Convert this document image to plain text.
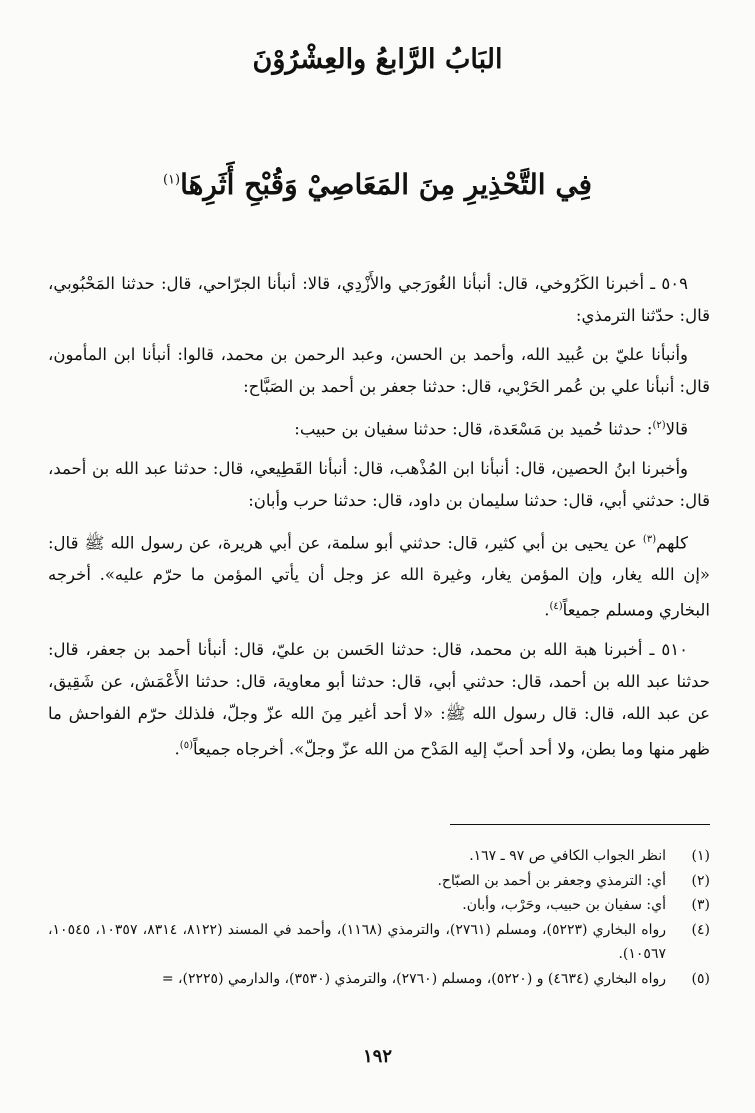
البَابُ الرَّابعُ والعِشْرُوْنَ
فِي التَّحْذِيرِ مِنَ المَعَاصِيْ وَقُبْحِ أَثَرِهَا$^{(١)}$

٥٠٩ ـ أخبرنا الكَرُوخي، قال: أنبأنا الغُورَجي والأَزْدِي، قالا: أنبأنا الجرّاحي، قال: حدثنا المَحْبُوبي، قال: حدّثنا الترمذي:

وأنبأنا عليّ بن عُبيد الله، وأحمد بن الحسن، وعبد الرحمن بن محمد، قالوا: أنبأنا ابن المأمون، قال: أنبأنا علي بن عُمر الحَرْبي، قال: حدثنا جعفر بن أحمد بن الصَبَّاح:

قالا$^{(٢)}$: حدثنا حُميد بن مَسْعَدة، قال: حدثنا سفيان بن حبيب:

وأخبرنا ابنُ الحصين، قال: أنبأنا ابن المُذْهب، قال: أنبأنا القَطِيعي، قال: حدثنا عبد الله بن أحمد، قال: حدثني أبي، قال: حدثنا سليمان بن داود، قال: حدثنا حرب وأبان:

كلهم$^{(٣)}$ عن يحيى بن أبي كثير، قال: حدثني أبو سلمة، عن أبي هريرة، عن رسول الله ﷺ قال: «إن الله يغار، وإن المؤمن يغار، وغيرة الله عز وجل أن يأتي المؤمن ما حرّم عليه». أخرجه البخاري ومسلم جميعاً$^{(٤)}$.

٥١٠ ـ أخبرنا هبة الله بن محمد، قال: حدثنا الحَسن بن عليّ، قال: أنبأنا أحمد بن جعفر، قال: حدثنا عبد الله بن أحمد، قال: حدثني أبي، قال: حدثنا أبو معاوية، قال: حدثنا الأَعْمَش، عن شَقِيق، عن عبد الله، قال: قال رسول الله ﷺ: «لا أحد أغير مِنَ الله عزّ وجلّ، فلذلك حرّم الفواحش ما ظهر منها وما بطن، ولا أحد أحبّ إليه المَدْح من الله عزّ وجلّ». أخرجاه جميعاً$^{(٥)}$.

(١)
انظر الجواب الكافي ص ٩٧ ـ ١٦٧.
(٢)
أي: الترمذي وجعفر بن أحمد بن الصبّاح.
(٣)
أي: سفيان بن حبيب، وحَرْب، وأبان.
(٤)
رواه البخاري (٥٢٢٣)، ومسلم (٢٧٦١)، والترمذي (١١٦٨)، وأحمد في المسند (٨١٢٢، ٨٣١٤، ١٠٣٥٧، ١٠٥٤٥، ١٠٥٦٧).
(٥)
رواه البخاري (٤٦٣٤) و (٥٢٢٠)، ومسلم (٢٧٦٠)، والترمذي (٣٥٣٠)، والدارمي (٢٢٢٥)، =
١٩٢
